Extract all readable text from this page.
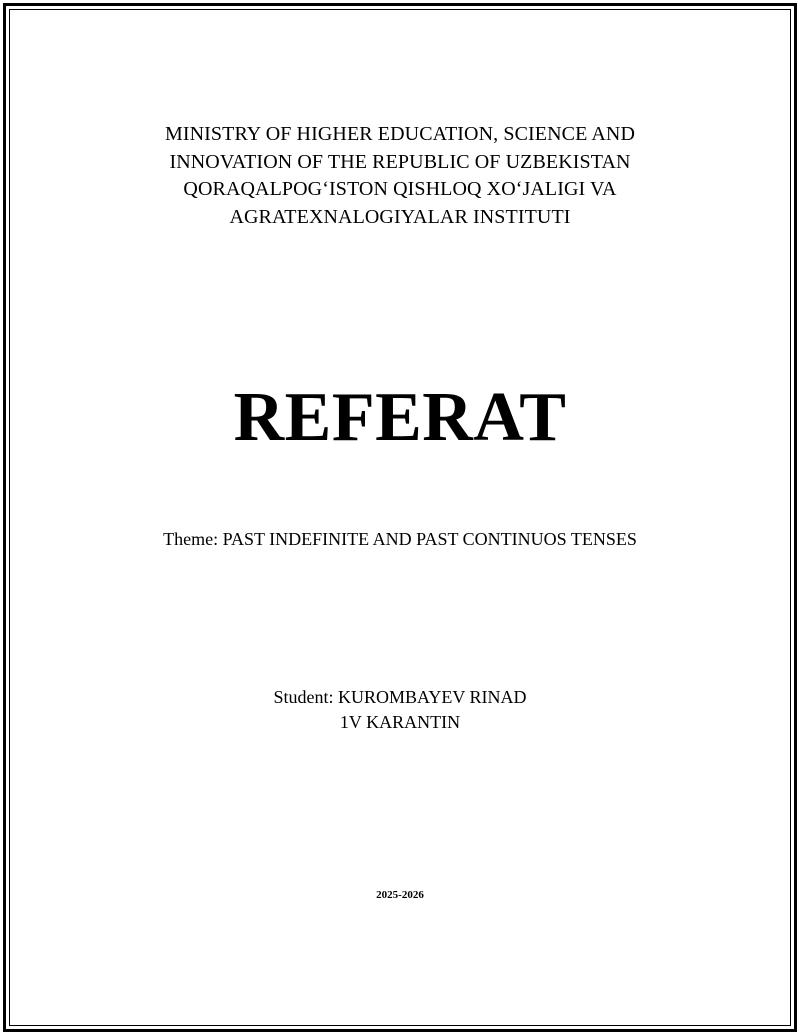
MINISTRY OF HIGHER EDUCATION, SCIENCE AND
INNOVATION OF THE REPUBLIC OF UZBEKISTAN
QORAQALPOG‘ISTON QISHLOQ XO‘JALIGI VA
AGRATEXNALOGIYALAR INSTITUTI
REFERAT
Theme: PAST INDEFINITE AND PAST CONTINUOS TENSES
Student: KUROMBAYEV RINAD
1V KARANTIN
2025-2026
